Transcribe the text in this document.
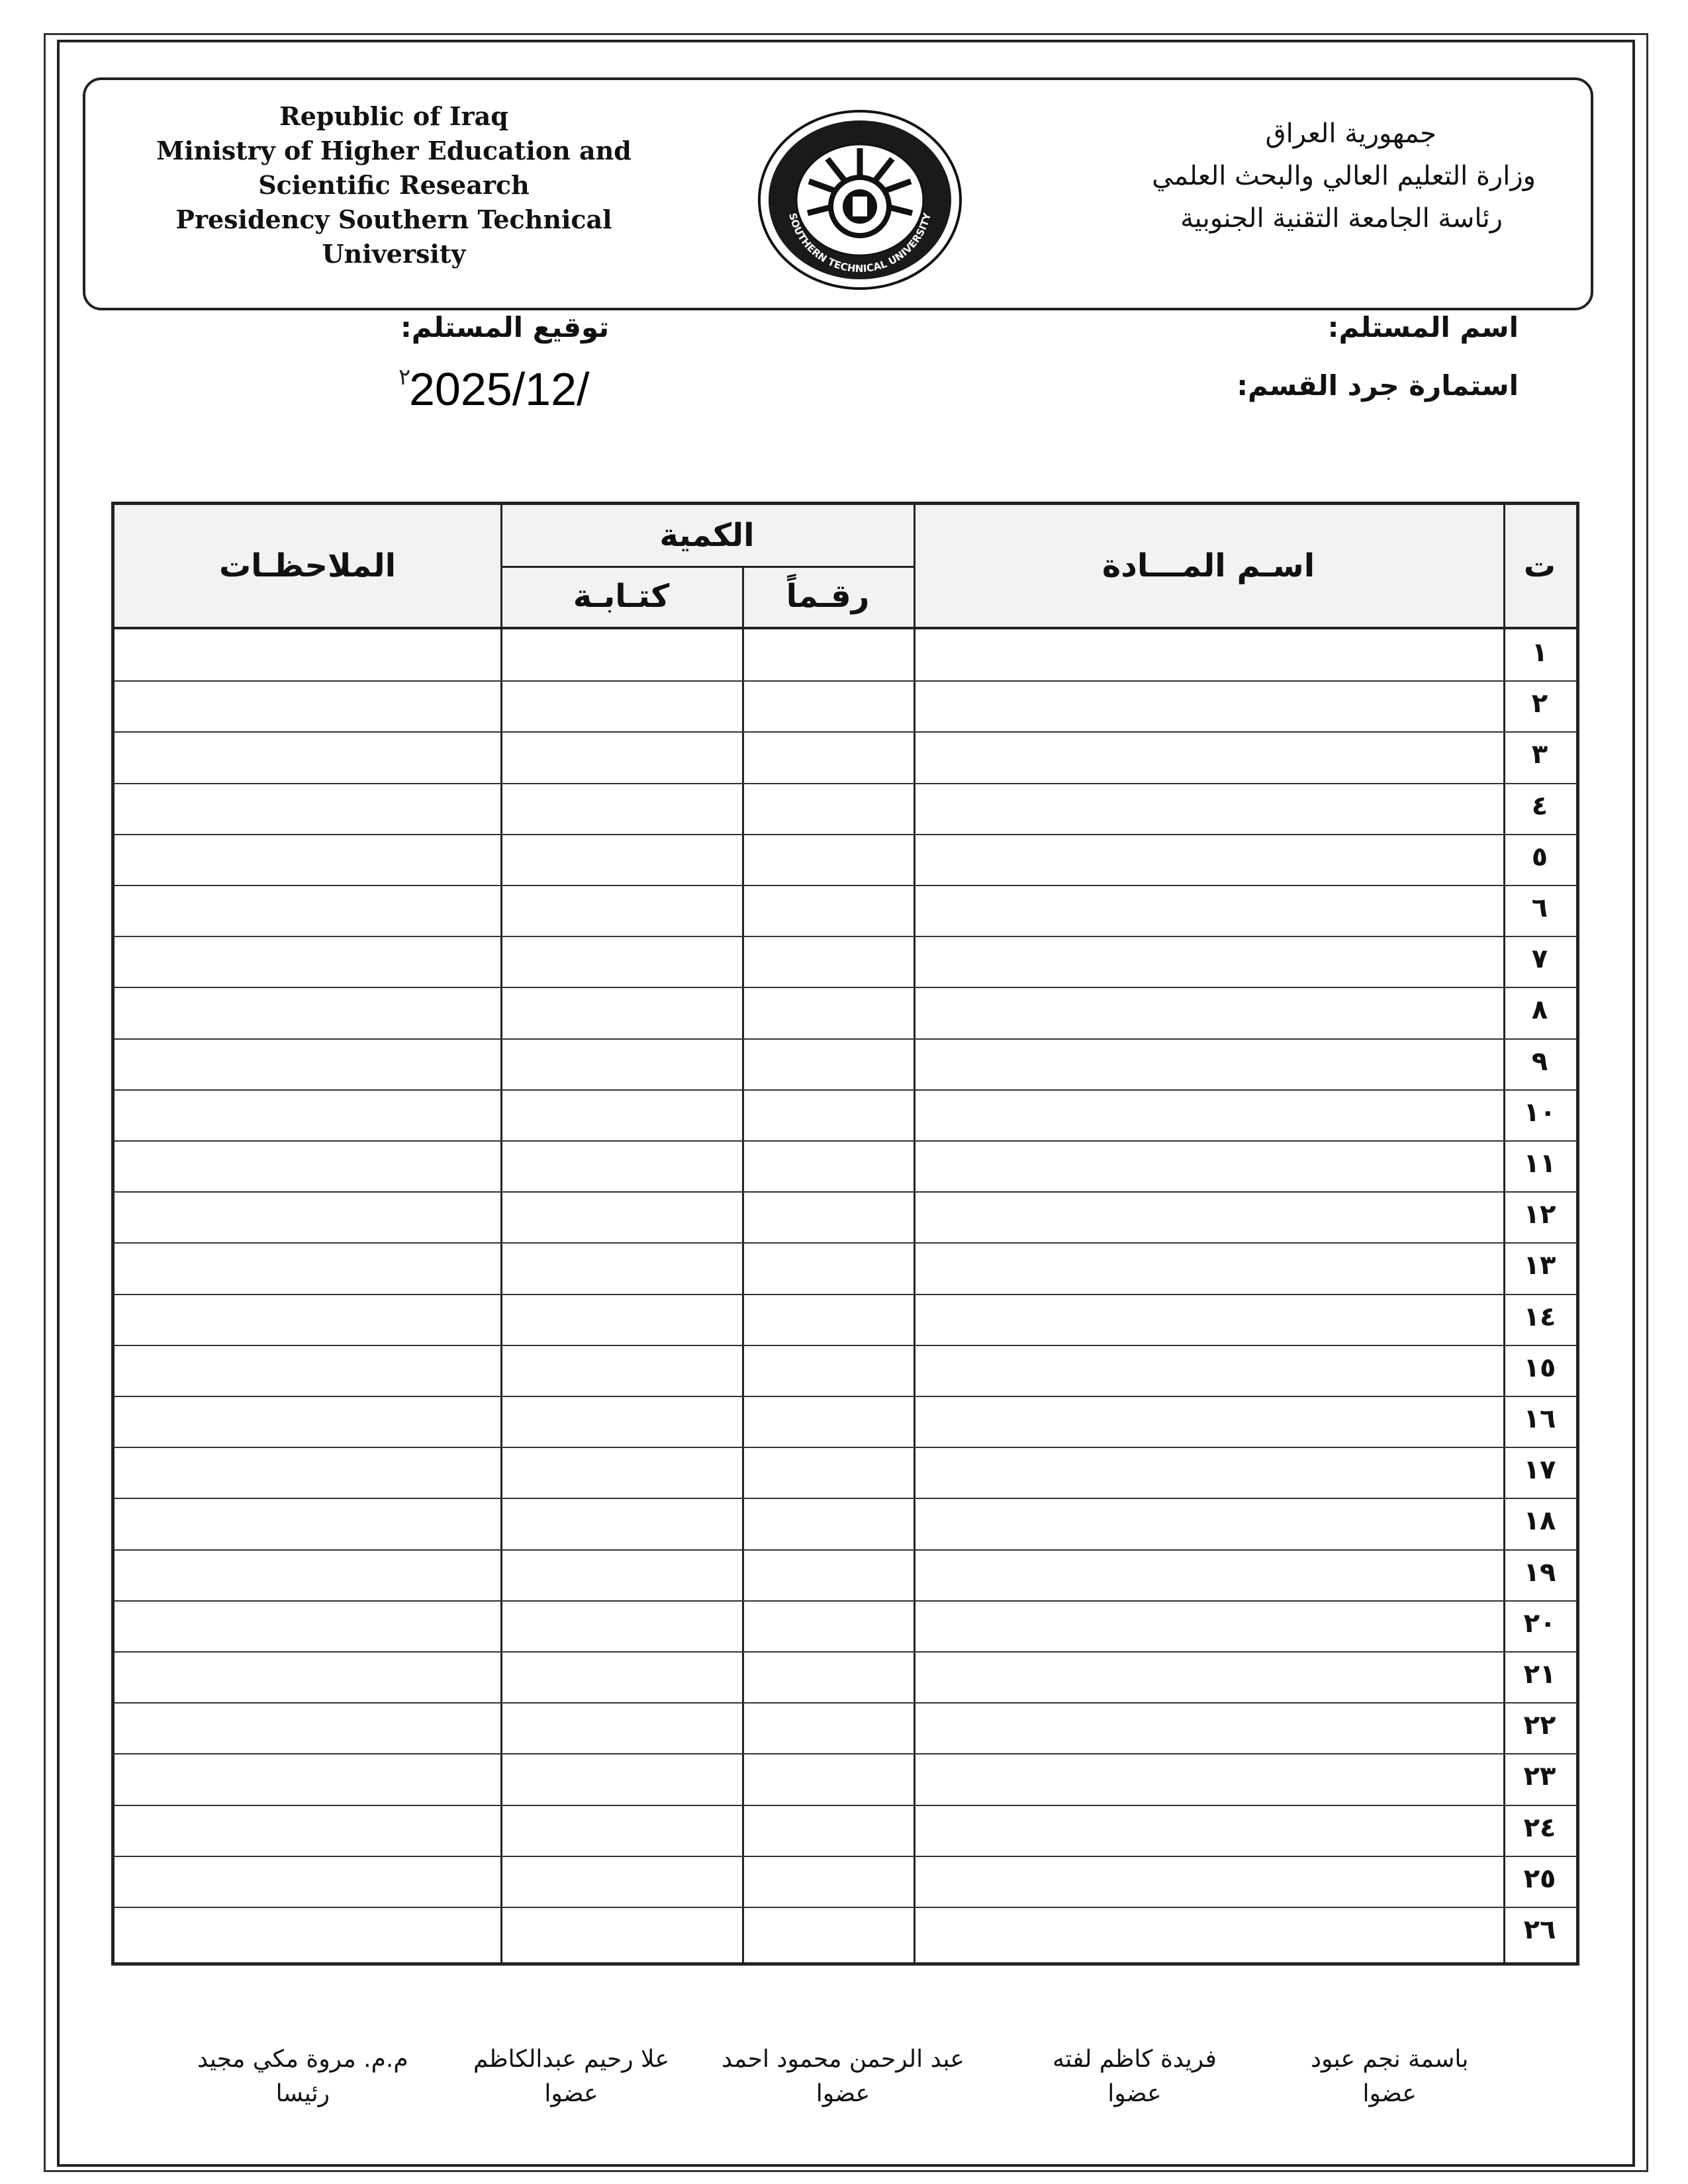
Republic of Iraq
Ministry of Higher Education and
Scientific Research
Presidency Southern Technical
University
جمهورية العراق
وزارة التعليم العالي والبحث العلمي
رئاسة الجامعة التقنية الجنوبية
SOUTHERN TECHNICAL UNIVERSITY
اسم المستلم:
استمارة جرد القسم:
توقيع المستلم:
٢
2025/12/
ت
اسـم المـــادة
الكمية
رقـماً
كتـابـة
الملاحظـات
١
٢
٣
٤
٥
٦
٧
٨
٩
١٠
١١
١٢
١٣
١٤
١٥
١٦
١٧
١٨
١٩
٢٠
٢١
٢٢
٢٣
٢٤
٢٥
٢٦
باسمة نجم عبود
عضوا
فريدة كاظم لفته
عضوا
عبد الرحمن محمود احمد
عضوا
علا رحيم عبدالكاظم
عضوا
م.م. مروة مكي مجيد
رئيسا
